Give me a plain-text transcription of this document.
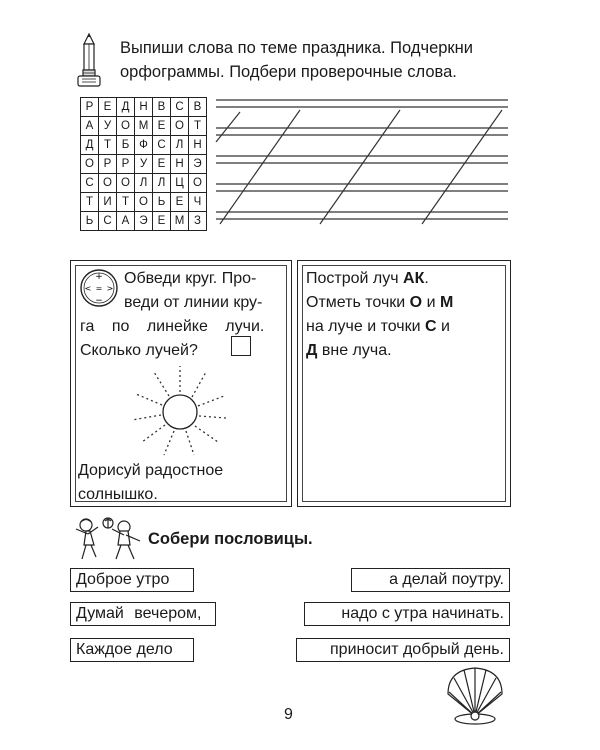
Выпиши слова по теме праздника. Подчеркни
орфограммы. Подбери проверочные слова.
Р	Е	Д	Н	В	С	В
А	У	О	М	Е	О	Т
Д	Т	Б	Ф	С	Л	Н
О	Р	Р	У	Е	Н	Э
С	О	О	Л	Л	Ц	О
Т	И	Т	О	Ь	Е	Ч
Ь	С	А	Э	Е	М	З
+
−
< >
=
Обведи круг. Про-
веди от линии кру-
га по линейке лучи.
Сколько лучей?
Дорисуй радостное
солнышко.
Построй луч АК.
Отметь точки О и М
на луче и точки С и
Д вне луча.
Собери пословицы.
Доброе утро
Думай вечером,
Каждое дело
а делай поутру.
надо с утра начинать.
приносит добрый день.
9
